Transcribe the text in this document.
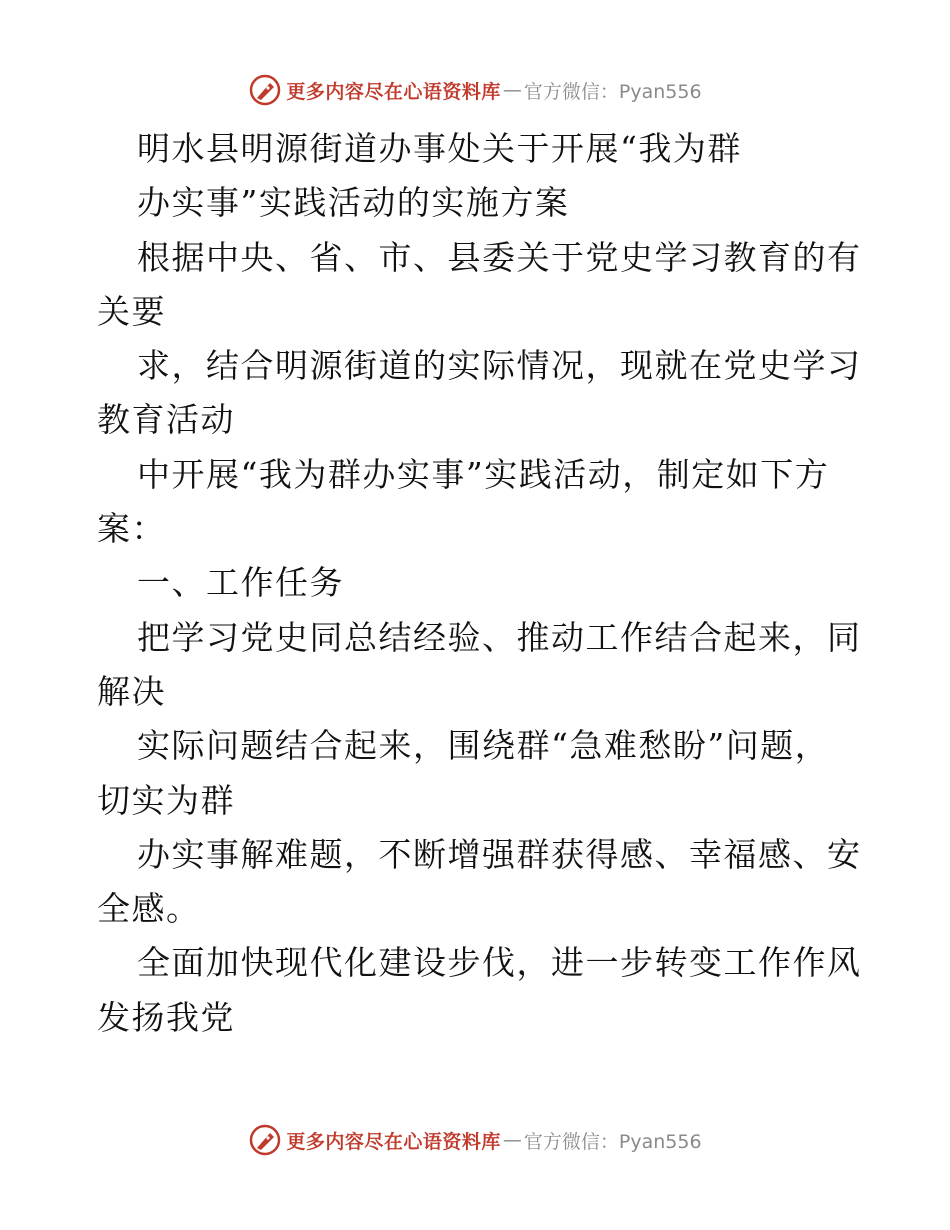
更多内容尽在心语资料库 — 官方微信：Pyan556
明水县明源街道办事处关于开展“我为群
办实事”实践活动的实施方案
根据中央、省、市、县委关于党史学习教育的有
关要
求，结合明源街道的实际情况，现就在党史学习
教育活动
中开展“我为群办实事”实践活动，制定如下方
案：
一、工作任务
把学习党史同总结经验、推动工作结合起来，同
解决
实际问题结合起来，围绕群“急难愁盼”问题，
切实为群
办实事解难题，不断增强群获得感、幸福感、安
全感。
全面加快现代化建设步伐，进一步转变工作作风
发扬我党
更多内容尽在心语资料库 — 官方微信：Pyan556
